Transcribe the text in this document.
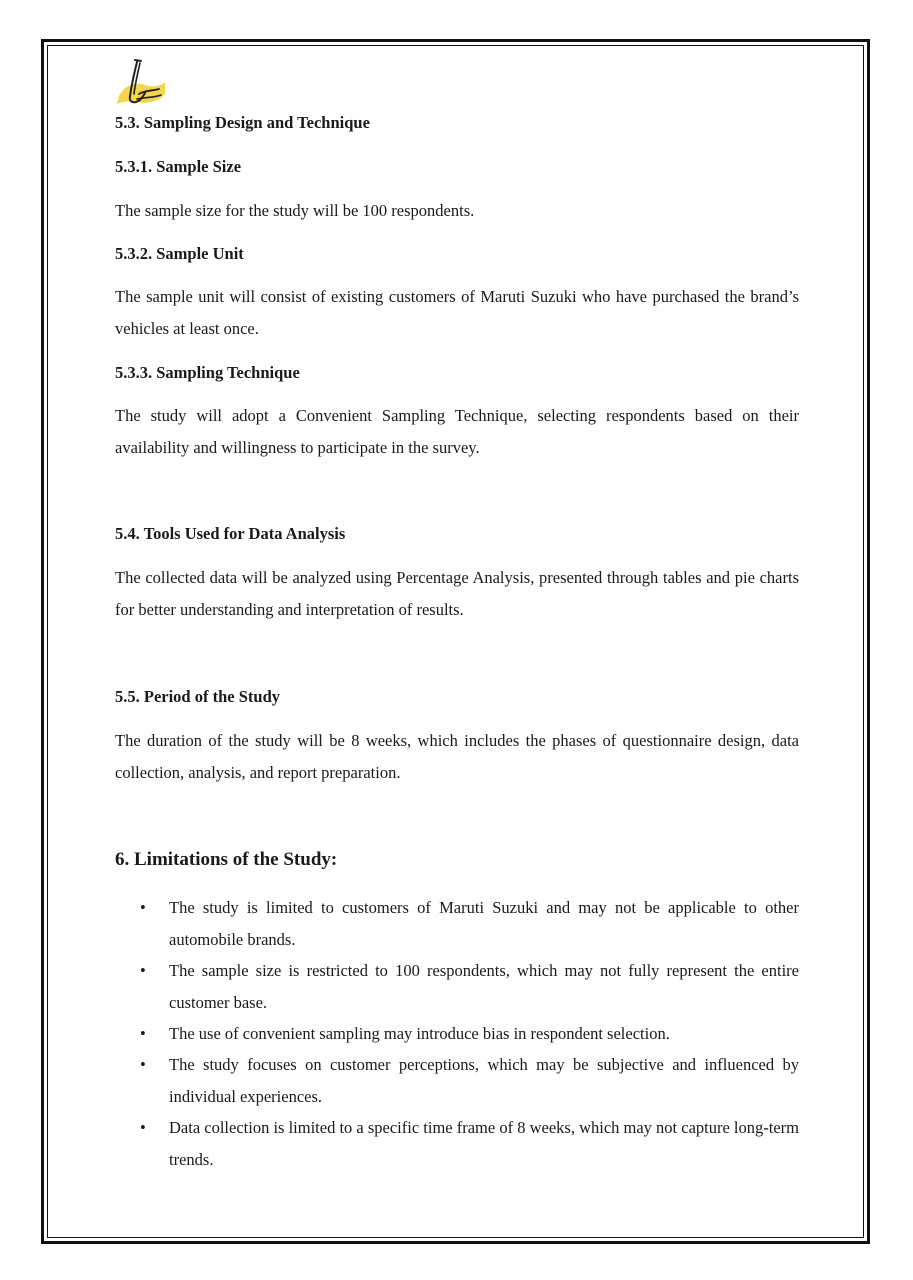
5.3. Sampling Design and Technique
5.3.1. Sample Size
The sample size for the study will be 100 respondents.
5.3.2. Sample Unit
The sample unit will consist of existing customers of Maruti Suzuki who have purchased the brand’s vehicles at least once.
5.3.3. Sampling Technique
The study will adopt a Convenient Sampling Technique, selecting respondents based on their availability and willingness to participate in the survey.
5.4. Tools Used for Data Analysis
The collected data will be analyzed using Percentage Analysis, presented through tables and pie charts for better understanding and interpretation of results.
5.5. Period of the Study
The duration of the study will be 8 weeks, which includes the phases of questionnaire design, data collection, analysis, and report preparation.
6. Limitations of the Study:
•	The study is limited to customers of Maruti Suzuki and may not be applicable to other automobile brands.
•	The sample size is restricted to 100 respondents, which may not fully represent the entire customer base.
•	The use of convenient sampling may introduce bias in respondent selection.
•	The study focuses on customer perceptions, which may be subjective and influenced by individual experiences.
•	Data collection is limited to a specific time frame of 8 weeks, which may not capture long-term trends.
